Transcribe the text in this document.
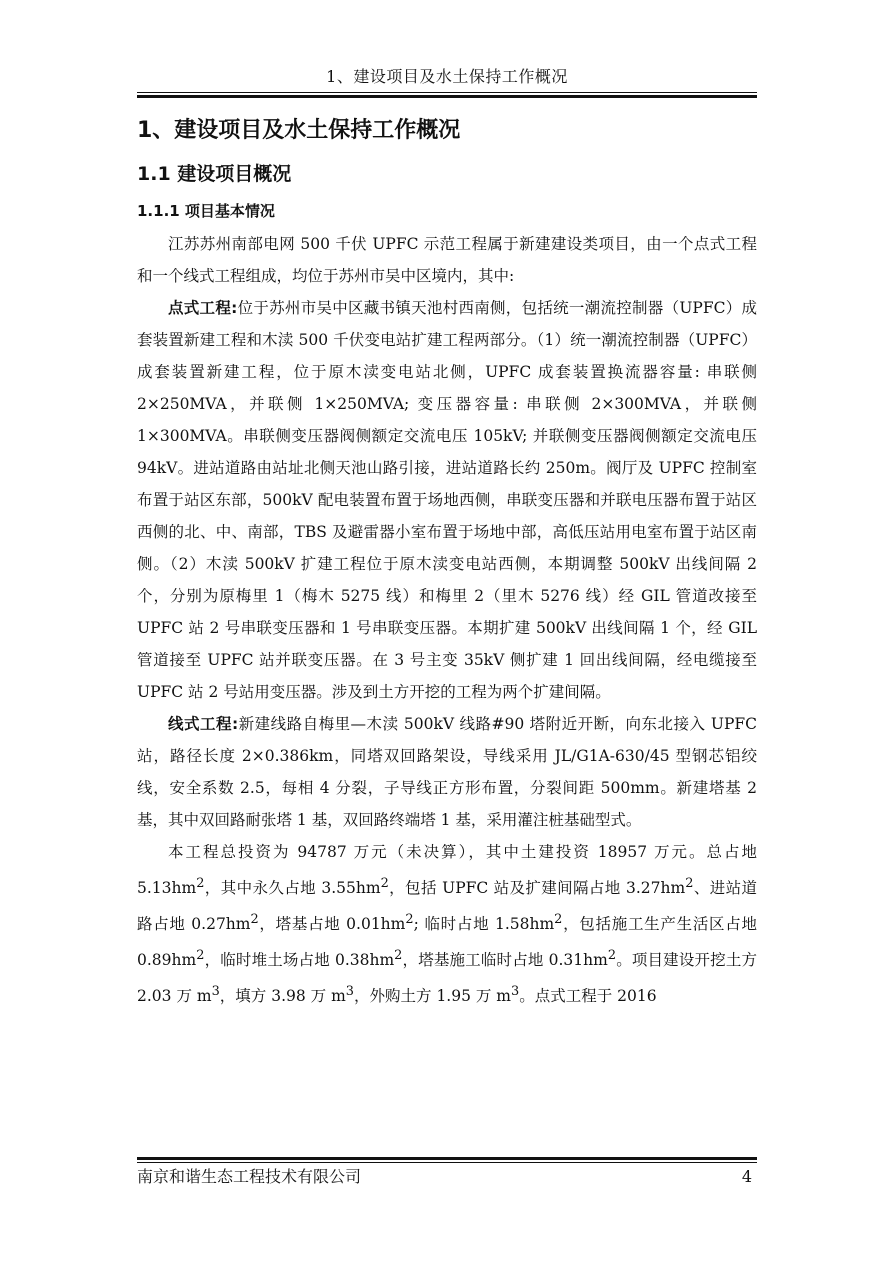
1、建设项目及水土保持工作概况
1、建设项目及水土保持工作概况
1.1 建设项目概况
1.1.1 项目基本情况

江苏苏州南部电网 500 千伏 UPFC 示范工程属于新建建设类项目，由一个点式工程和一个线式工程组成，均位于苏州市吴中区境内，其中:

点式工程:位于苏州市吴中区藏书镇天池村西南侧，包括统一潮流控制器（UPFC）成套装置新建工程和木渎 500 千伏变电站扩建工程两部分。（1）统一潮流控制器（UPFC）成套装置新建工程，位于原木渎变电站北侧，UPFC 成套装置换流器容量: 串联侧 2×250MVA，并联侧 1×250MVA; 变压器容量: 串联侧 2×300MVA，并联侧 1×300MVA。串联侧变压器阀侧额定交流电压 105kV; 并联侧变压器阀侧额定交流电压 94kV。进站道路由站址北侧天池山路引接，进站道路长约 250m。阀厅及 UPFC 控制室布置于站区东部，500kV 配电装置布置于场地西侧，串联变压器和并联电压器布置于站区西侧的北、中、南部，TBS 及避雷器小室布置于场地中部，高低压站用电室布置于站区南侧。（2）木渎 500kV 扩建工程位于原木渎变电站西侧，本期调整 500kV 出线间隔 2 个，分别为原梅里 1（梅木 5275 线）和梅里 2（里木 5276 线）经 GIL 管道改接至 UPFC 站 2 号串联变压器和 1 号串联变压器。本期扩建 500kV 出线间隔 1 个，经 GIL 管道接至 UPFC 站并联变压器。在 3 号主变 35kV 侧扩建 1 回出线间隔，经电缆接至 UPFC 站 2 号站用变压器。涉及到土方开挖的工程为两个扩建间隔。

线式工程:新建线路自梅里—木渎 500kV 线路#90 塔附近开断，向东北接入 UPFC 站，路径长度 2×0.386km，同塔双回路架设，导线采用 JL/G1A-630/45 型钢芯铝绞线，安全系数 2.5，每相 4 分裂，子导线正方形布置，分裂间距 500mm。新建塔基 2 基，其中双回路耐张塔 1 基，双回路终端塔 1 基，采用灌注桩基础型式。

本工程总投资为 94787 万元（未决算），其中土建投资 18957 万元。总占地 $5.13hm^2$，其中永久占地 $3.55hm^2$，包括 UPFC 站及扩建间隔占地 $3.27hm^2$、进站道路占地 $0.27hm^2$，塔基占地 $0.01hm^2$; 临时占地 $1.58hm^2$，包括施工生产生活区占地 $0.89hm^2$，临时堆土场占地 $0.38hm^2$，塔基施工临时占地 $0.31hm^2$。项目建设开挖土方 2.03 万 $m^3$，填方 3.98 万 $m^3$，外购土方 1.95 万 $m^3$。点式工程于 2016

南京和谐生态工程技术有限公司	4
